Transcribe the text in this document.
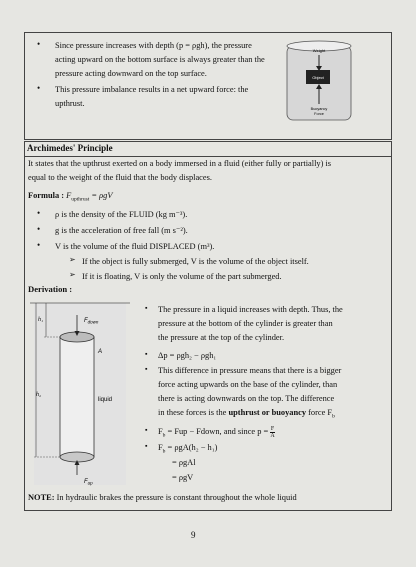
• Since pressure increases with depth (p = ρgh), the pressure
acting upward on the bottom surface is always greater than the
pressure acting downward on the top surface.
• This pressure imbalance results in a net upward force: the
upthrust.
Weight
Object
Buoyancy
Force
Archimedes' Principle
It states that the upthrust exerted on a body immersed in a fluid (either fully or partially) is
equal to the weight of the fluid that the body displaces.
Formula : $F_{upthrust} = \rho gV$
• ρ is the density of the FLUID (kg m⁻³).
• g is the acceleration of free fall (m s⁻²).
• V is the volume of the fluid DISPLACED (m³).
➢ If the object is fully submerged, V is the volume of the object itself.
➢ If it is floating, V is only the volume of the part submerged.
Derivation :
h₁
h₂
$F_{down}$
A
liquid
$F_{up}$
▪ The pressure in a liquid increases with depth. Thus, the
pressure at the bottom of the cylinder is greater than
the pressure at the top of the cylinder.
▪ Δp = ρgh₂ − ρgh₁
▪ This difference in pressure means that there is a bigger
force acting upwards on the base of the cylinder, than
there is acting downwards on the top. The difference
in these forces is the upthrust or buoyancy force $F_b$
▪ $F_b$ = Fup − Fdown, and since $p = \frac{F}{A}$
▪ $F_b = \rho gA(h_2 - h_1)$
= ρgAl
= ρgV
NOTE: In hydraulic brakes the pressure is constant throughout the whole liquid
9
